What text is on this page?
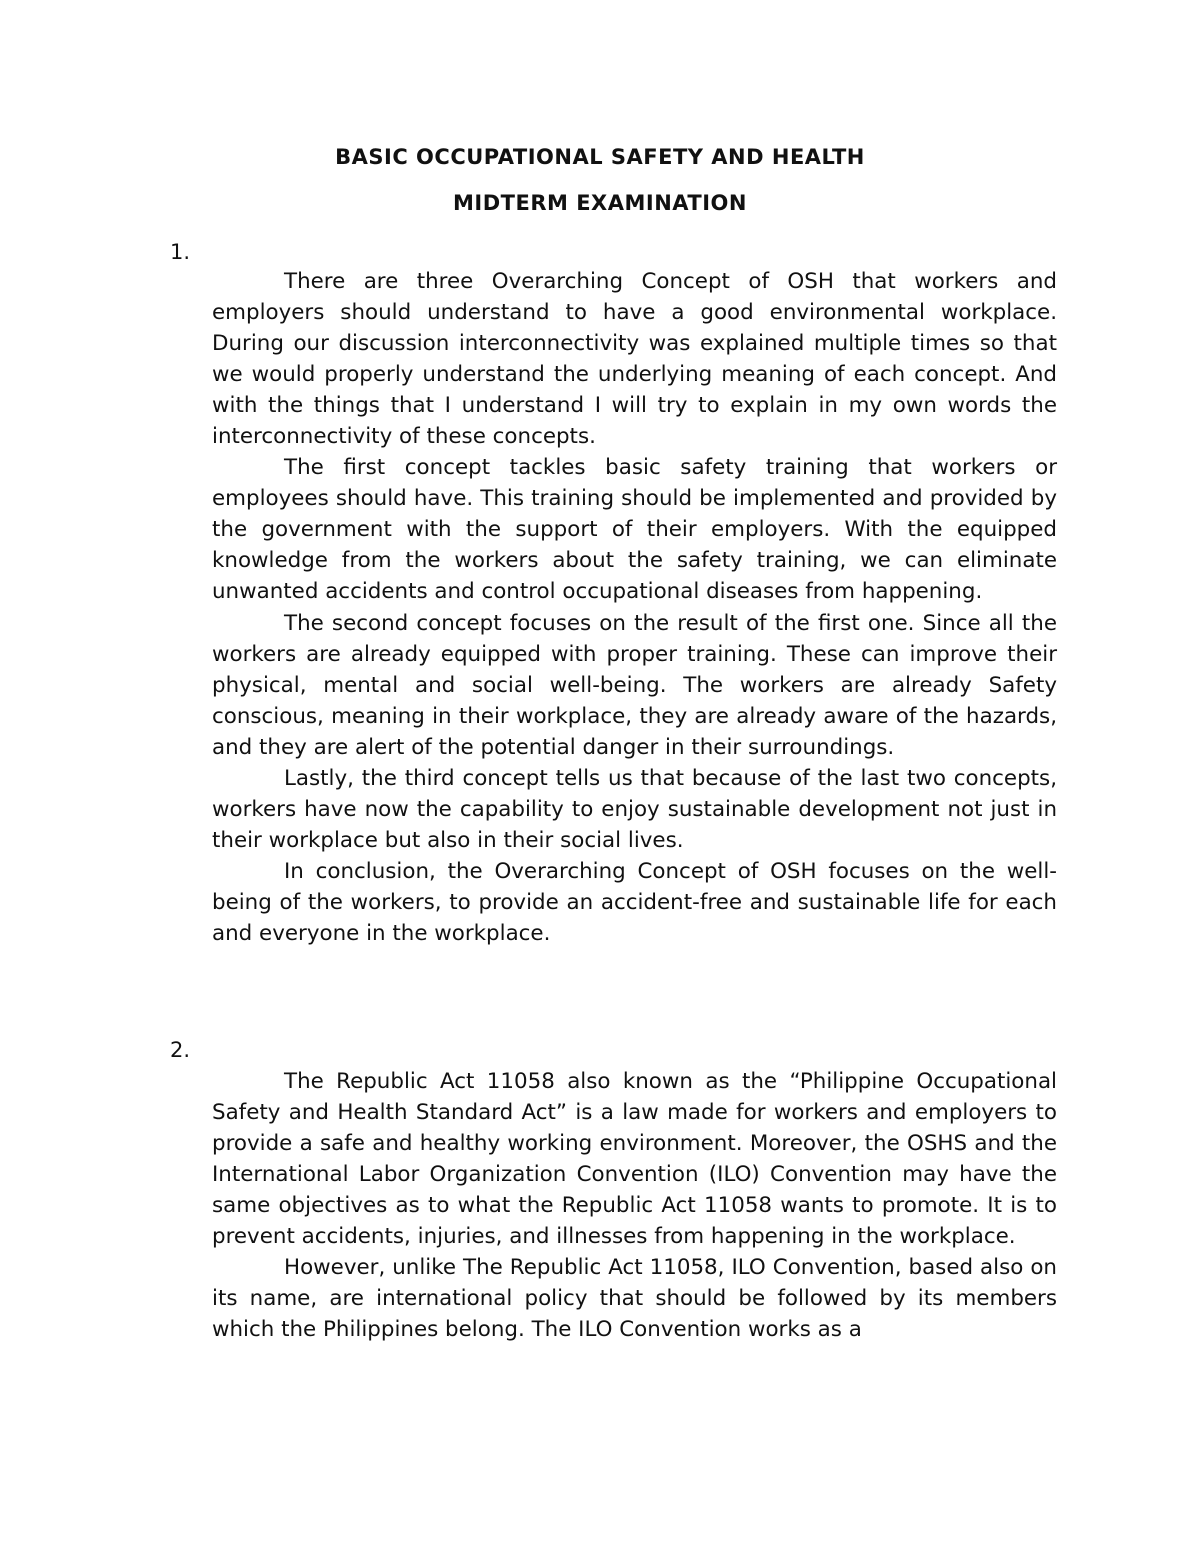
BASIC OCCUPATIONAL SAFETY AND HEALTH
MIDTERM EXAMINATION
1.

There are three Overarching Concept of OSH that workers and employers should understand to have a good environmental workplace. During our discussion interconnectivity was explained multiple times so that we would properly understand the underlying meaning of each concept. And with the things that I understand I will try to explain in my own words the interconnectivity of these concepts.

The first concept tackles basic safety training that workers or employees should have. This training should be implemented and provided by the government with the support of their employers. With the equipped knowledge from the workers about the safety training, we can eliminate unwanted accidents and control occupational diseases from happening.

The second concept focuses on the result of the first one. Since all the workers are already equipped with proper training. These can improve their physical, mental and social well-being. The workers are already Safety conscious, meaning in their workplace, they are already aware of the hazards, and they are alert of the potential danger in their surroundings.

Lastly, the third concept tells us that because of the last two concepts, workers have now the capability to enjoy sustainable development not just in their workplace but also in their social lives.

In conclusion, the Overarching Concept of OSH focuses on the well-being of the workers, to provide an accident-free and sustainable life for each and everyone in the workplace.

2.

The Republic Act 11058 also known as the “Philippine Occupational Safety and Health Standard Act” is a law made for workers and employers to provide a safe and healthy working environment. Moreover, the OSHS and the International Labor Organization Convention (ILO) Convention may have the same objectives as to what the Republic Act 11058 wants to promote. It is to prevent accidents, injuries, and illnesses from happening in the workplace.

However, unlike The Republic Act 11058, ILO Convention, based also on its name, are international policy that should be followed by its members which the Philippines belong. The ILO Convention works as a
